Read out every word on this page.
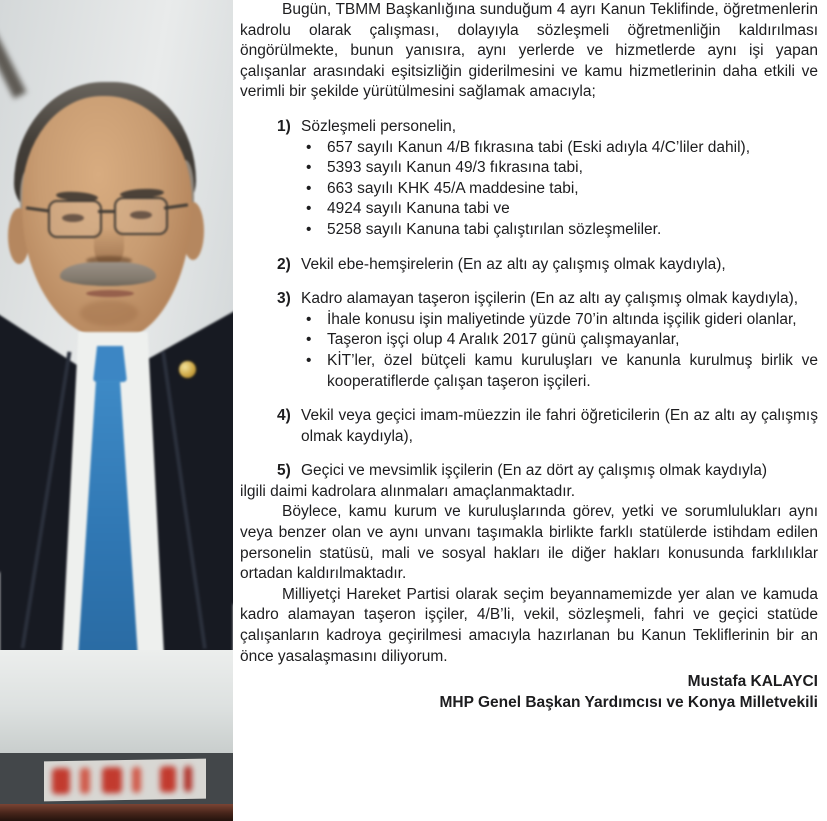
Bugün, TBMM Başkanlığına sunduğum 4 ayrı Kanun Teklifinde, öğretmenlerin kadrolu olarak çalışması, dolayıyla sözleşmeli öğretmenliğin kaldırılması öngörülmekte, bunun yanısıra, aynı yerlerde ve hizmetlerde aynı işi yapan çalışanlar arasındaki eşitsizliğin giderilmesini ve kamu hizmetlerinin daha etkili ve verimli bir şekilde yürütülmesini sağlamak amacıyla;

1) Sözleşmeli personelin,
• 657 sayılı Kanun 4/B fıkrasına tabi (Eski adıyla 4/C’liler dahil),
• 5393 sayılı Kanun 49/3 fıkrasına tabi,
• 663 sayılı KHK 45/A maddesine tabi,
• 4924 sayılı Kanuna tabi ve
• 5258 sayılı Kanuna tabi çalıştırılan sözleşmeliler.
2) Vekil ebe-hemşirelerin (En az altı ay çalışmış olmak kaydıyla),
3) Kadro alamayan taşeron işçilerin (En az altı ay çalışmış olmak kaydıyla),
• İhale konusu işin maliyetinde yüzde 70’in altında işçilik gideri olanlar,
• Taşeron işçi olup 4 Aralık 2017 günü çalışmayanlar,
• KİT’ler, özel bütçeli kamu kuruluşları ve kanunla kurulmuş birlik ve kooperatiflerde çalışan taşeron işçileri.
4) Vekil veya geçici imam-müezzin ile fahri öğreticilerin (En az altı ay çalışmış olmak kaydıyla),
5) Geçici ve mevsimlik işçilerin (En az dört ay çalışmış olmak kaydıyla)

ilgili daimi kadrolara alınmaları amaçlanmaktadır.

Böylece, kamu kurum ve kuruluşlarında görev, yetki ve sorumlulukları aynı veya benzer olan ve aynı unvanı taşımakla birlikte farklı statülerde istihdam edilen personelin statüsü, mali ve sosyal hakları ile diğer hakları konusunda farklılıklar ortadan kaldırılmaktadır.

Milliyetçi Hareket Partisi olarak seçim beyannamemizde yer alan ve kamuda kadro alamayan taşeron işçiler, 4/B’li, vekil, sözleşmeli, fahri ve geçici statüde çalışanların kadroya geçirilmesi amacıyla hazırlanan bu Kanun Tekliflerinin bir an önce yasalaşmasını diliyorum.

Mustafa KALAYCI
MHP Genel Başkan Yardımcısı ve Konya Milletvekili
